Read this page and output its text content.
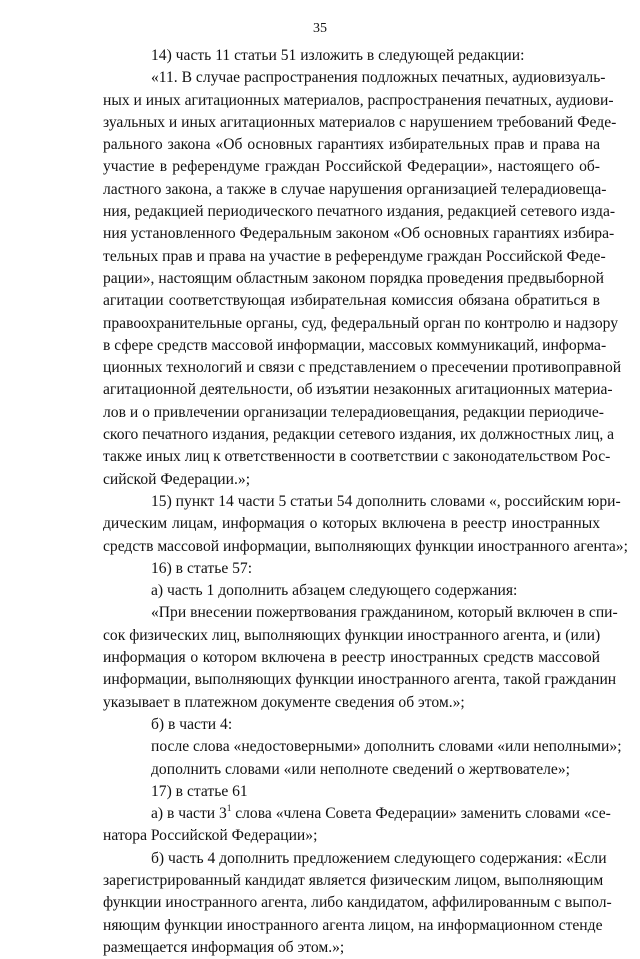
35
14) часть 11 статьи 51 изложить в следующей редакции:
«11. В случае распространения подложных печатных, аудиовизуаль-
ных и иных агитационных материалов, распространения печатных, аудиови-
зуальных и иных агитационных материалов с нарушением требований Феде-
рального закона «Об основных гарантиях избирательных прав и права на
участие в референдуме граждан Российской Федерации», настоящего об-
ластного закона, а также в случае нарушения организацией телерадиовеща-
ния, редакцией периодического печатного издания, редакцией сетевого изда-
ния установленного Федеральным законом «Об основных гарантиях избира-
тельных прав и права на участие в референдуме граждан Российской Феде-
рации», настоящим областным законом порядка проведения предвыборной
агитации соответствующая избирательная комиссия обязана обратиться в
правоохранительные органы, суд, федеральный орган по контролю и надзору
в сфере средств массовой информации, массовых коммуникаций, информа-
ционных технологий и связи с представлением о пресечении противоправной
агитационной деятельности, об изъятии незаконных агитационных материа-
лов и о привлечении организации телерадиовещания, редакции периодиче-
ского печатного издания, редакции сетевого издания, их должностных лиц, а
также иных лиц к ответственности в соответствии с законодательством Рос-
сийской Федерации.»;
15) пункт 14 части 5 статьи 54 дополнить словами «, российским юри-
дическим лицам, информация о которых включена в реестр иностранных
средств массовой информации, выполняющих функции иностранного агента»;
16) в статье 57:
а) часть 1 дополнить абзацем следующего содержания:
«При внесении пожертвования гражданином, который включен в спи-
сок физических лиц, выполняющих функции иностранного агента, и (или)
информация о котором включена в реестр иностранных средств массовой
информации, выполняющих функции иностранного агента, такой гражданин
указывает в платежном документе сведения об этом.»;
б) в части 4:
после слова «недостоверными» дополнить словами «или неполными»;
дополнить словами «или неполноте сведений о жертвователе»;
17) в статье 61
а) в части $3^1$ слова «члена Совета Федерации» заменить словами «се-
натора Российской Федерации»;
б) часть 4 дополнить предложением следующего содержания: «Если
зарегистрированный кандидат является физическим лицом, выполняющим
функции иностранного агента, либо кандидатом, аффилированным с выпол-
няющим функции иностранного агента лицом, на информационном стенде
размещается информация об этом.»;
